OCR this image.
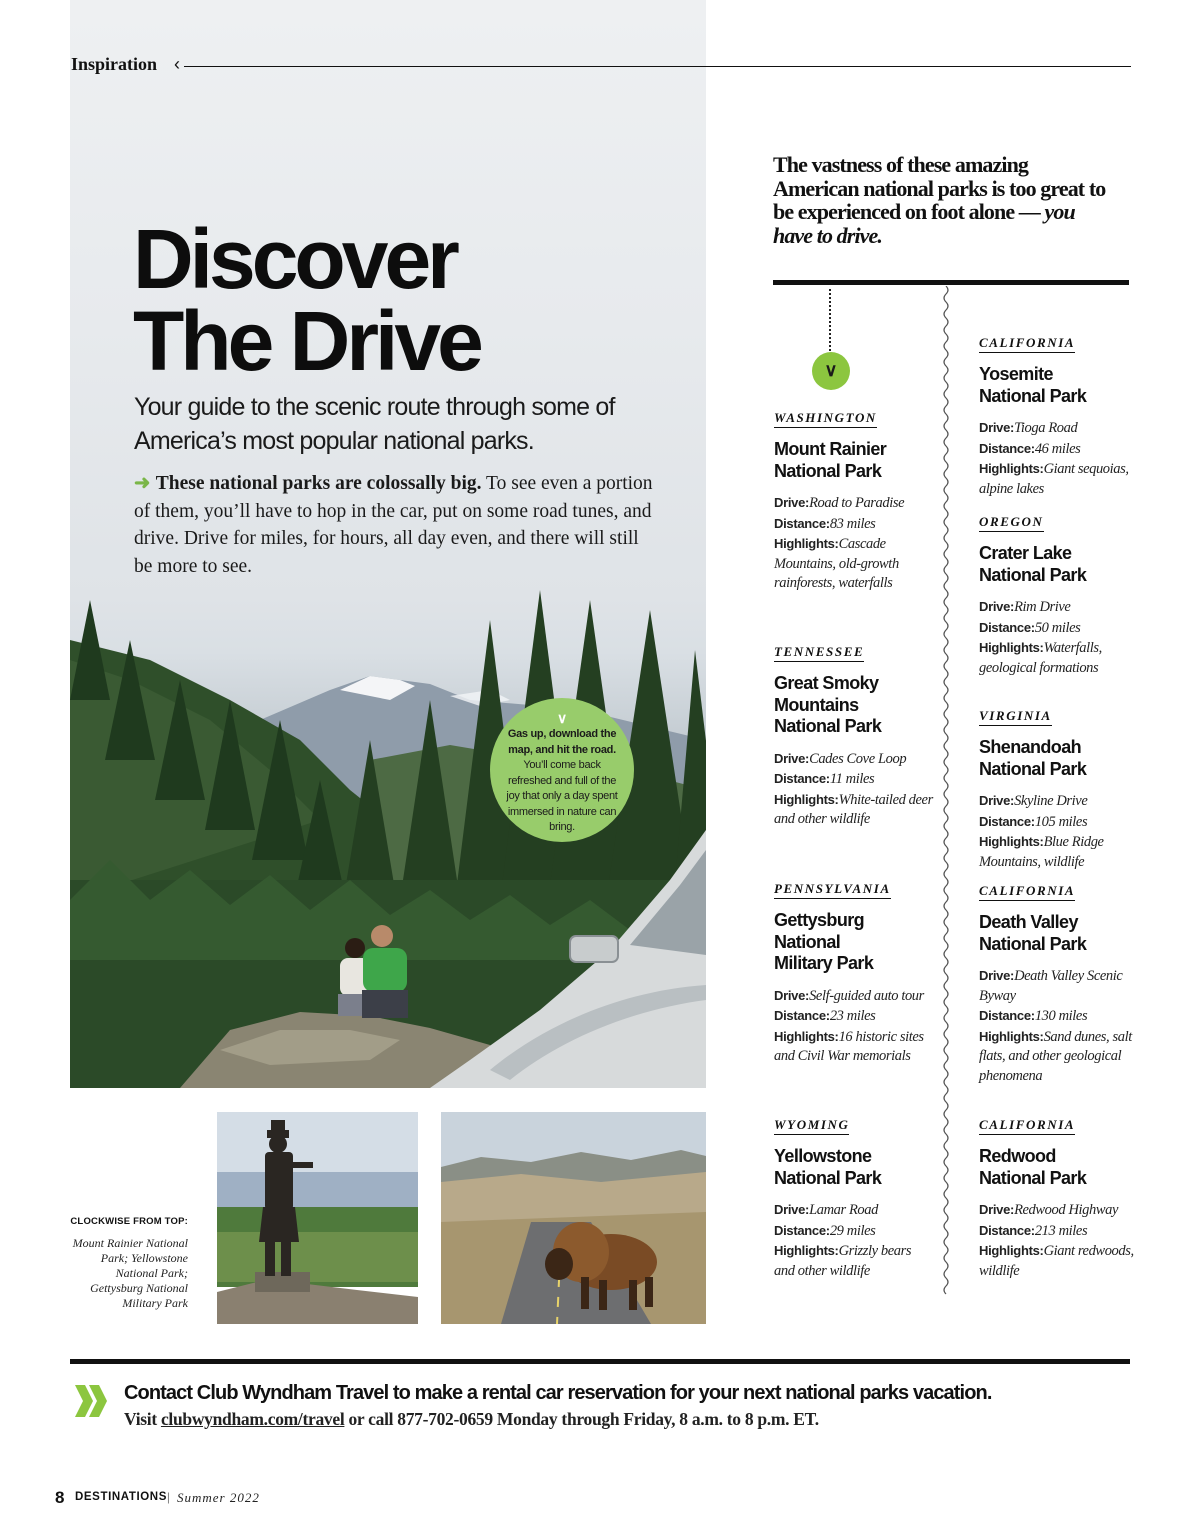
Inspiration ‹
Discover
The Drive
Your guide to the scenic route through some of America’s most popular national parks.
➜ These national parks are colossally big. To see even a portion of them, you’ll have to hop in the car, put on some road tunes, and drive. Drive for miles, for hours, all day even, and there will still be more to see.
∨
Gas up, download the map, and hit the road. You’ll come back refreshed and full of the joy that only a day spent immersed in nature can bring.
CLOCKWISE FROM TOP:
Mount Rainier National Park; Yellowstone National Park; Gettysburg National Military Park
The vastness of these amazing American national parks is too great to be experienced on foot alone — you have to drive.
∨
WASHINGTON
Mount Rainier National Park
Drive:Road to Paradise
Distance:83 miles
Highlights:Cascade Mountains, old-growth rainforests, waterfalls
TENNESSEE
Great Smoky Mountains National Park
Drive:Cades Cove Loop
Distance:11 miles
Highlights:White-tailed deer and other wildlife
PENNSYLVANIA
Gettysburg National Military Park
Drive:Self-guided auto tour
Distance:23 miles
Highlights:16 historic sites and Civil War memorials
WYOMING
Yellowstone National Park
Drive:Lamar Road
Distance:29 miles
Highlights:Grizzly bears and other wildlife
CALIFORNIA
Yosemite National Park
Drive:Tioga Road
Distance:46 miles
Highlights:Giant sequoias, alpine lakes
OREGON
Crater Lake National Park
Drive:Rim Drive
Distance:50 miles
Highlights:Waterfalls, geological formations
VIRGINIA
Shenandoah National Park
Drive:Skyline Drive
Distance:105 miles
Highlights:Blue Ridge Mountains, wildlife
CALIFORNIA
Death Valley National Park
Drive:Death Valley Scenic Byway
Distance:130 miles
Highlights:Sand dunes, salt flats, and other geological phenomena
CALIFORNIA
Redwood National Park
Drive:Redwood Highway
Distance:213 miles
Highlights:Giant redwoods, wildlife
Contact Club Wyndham Travel to make a rental car reservation for your next national parks vacation.
Visit clubwyndham.com/travel or call 877-702-0659 Monday through Friday, 8 a.m. to 8 p.m. ET.
8 DESTINATIONS | Summer 2022
